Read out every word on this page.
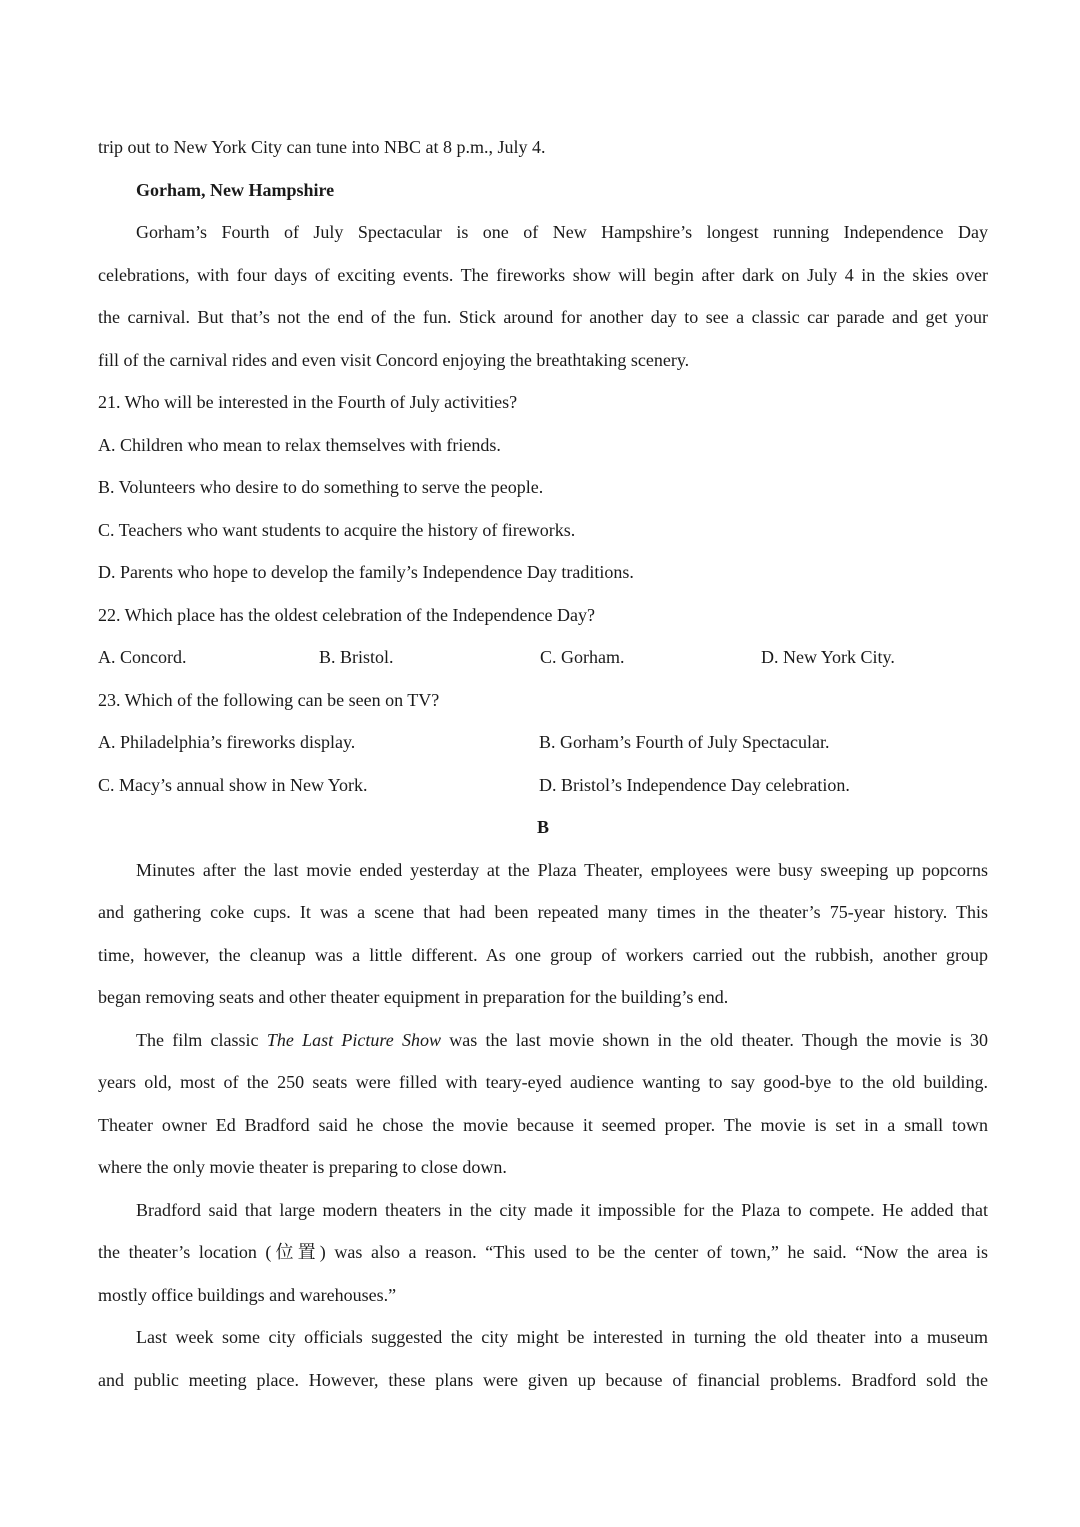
trip out to New York City can tune into NBC at 8 p.m., July 4.
Gorham, New Hampshire
Gorham’s Fourth of July Spectacular is one of New Hampshire’s longest running Independence Day
celebrations, with four days of exciting events. The fireworks show will begin after dark on July 4 in the skies over
the carnival. But that’s not the end of the fun. Stick around for another day to see a classic car parade and get your
fill of the carnival rides and even visit Concord enjoying the breathtaking scenery.
21. Who will be interested in the Fourth of July activities?
A. Children who mean to relax themselves with friends.
B. Volunteers who desire to do something to serve the people.
C. Teachers who want students to acquire the history of fireworks.
D. Parents who hope to develop the family’s Independence Day traditions.
22. Which place has the oldest celebration of the Independence Day?
A. Concord.	B. Bristol.	C. Gorham.	D. New York City.
23. Which of the following can be seen on TV?
A. Philadelphia’s fireworks display.	B. Gorham’s Fourth of July Spectacular.
C. Macy’s annual show in New York.	D. Bristol’s Independence Day celebration.
B
Minutes after the last movie ended yesterday at the Plaza Theater, employees were busy sweeping up popcorns
and gathering coke cups. It was a scene that had been repeated many times in the theater’s 75-year history. This
time, however, the cleanup was a little different. As one group of workers carried out the rubbish, another group
began removing seats and other theater equipment in preparation for the building’s end.
The film classic The Last Picture Show was the last movie shown in the old theater. Though the movie is 30
years old, most of the 250 seats were filled with teary-eyed audience wanting to say good-bye to the old building.
Theater owner Ed Bradford said he chose the movie because it seemed proper. The movie is set in a small town
where the only movie theater is preparing to close down.
Bradford said that large modern theaters in the city made it impossible for the Plaza to compete. He added that
the theater’s location (位置) was also a reason. “This used to be the center of town,” he said. “Now the area is
mostly office buildings and warehouses.”
Last week some city officials suggested the city might be interested in turning the old theater into a museum
and public meeting place. However, these plans were given up because of financial problems. Bradford sold the
